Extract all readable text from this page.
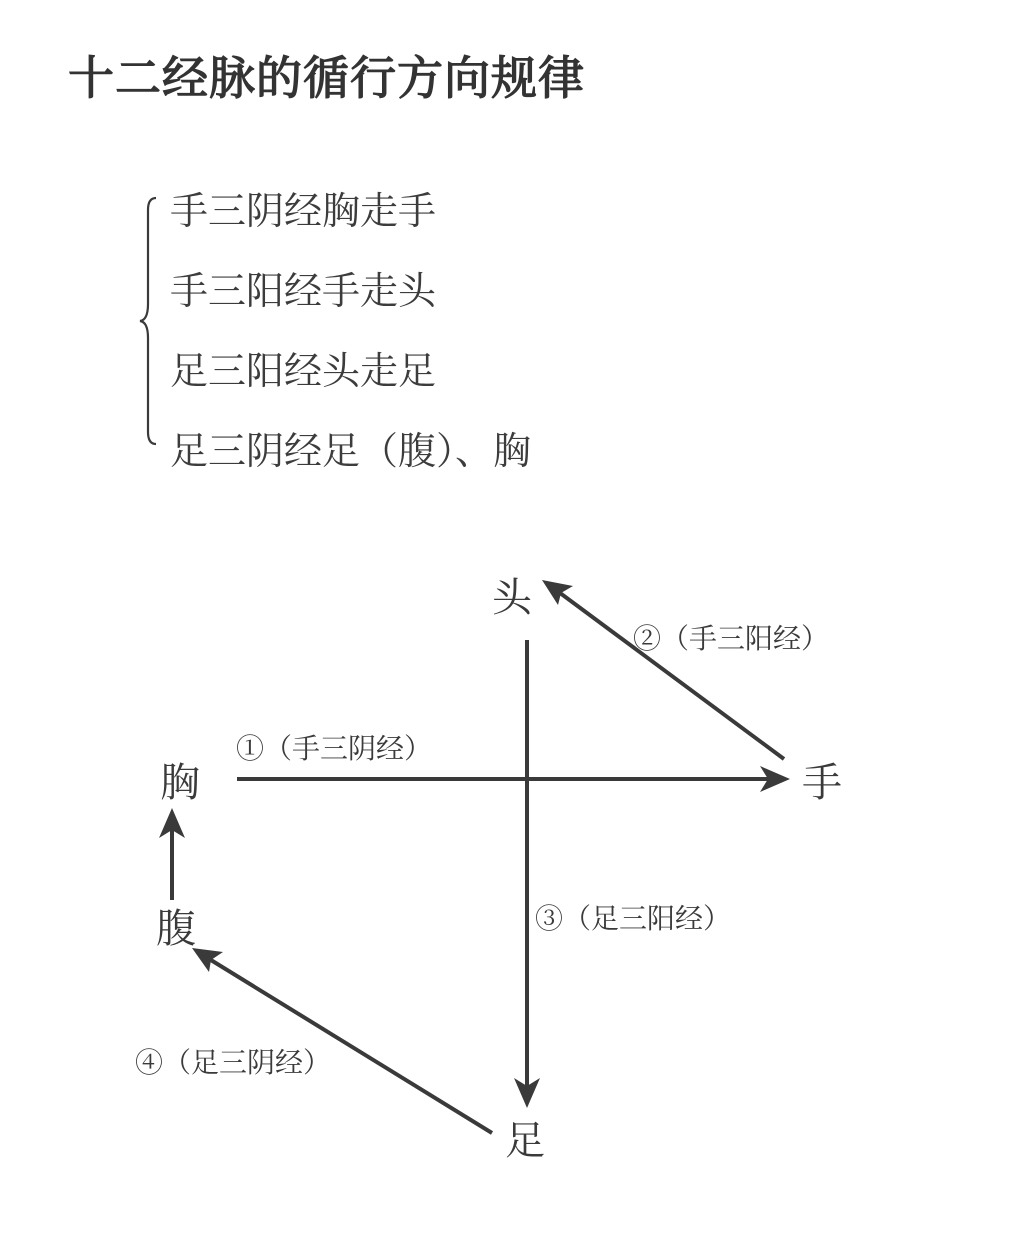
十二经脉的循行方向规律
手三阴经胸走手
手三阳经手走头
足三阳经头走足
足三阴经足（腹）、胸
头
胸	手
腹
足
①（手三阴经）
②（手三阳经）
③（足三阳经）
④（足三阴经）
